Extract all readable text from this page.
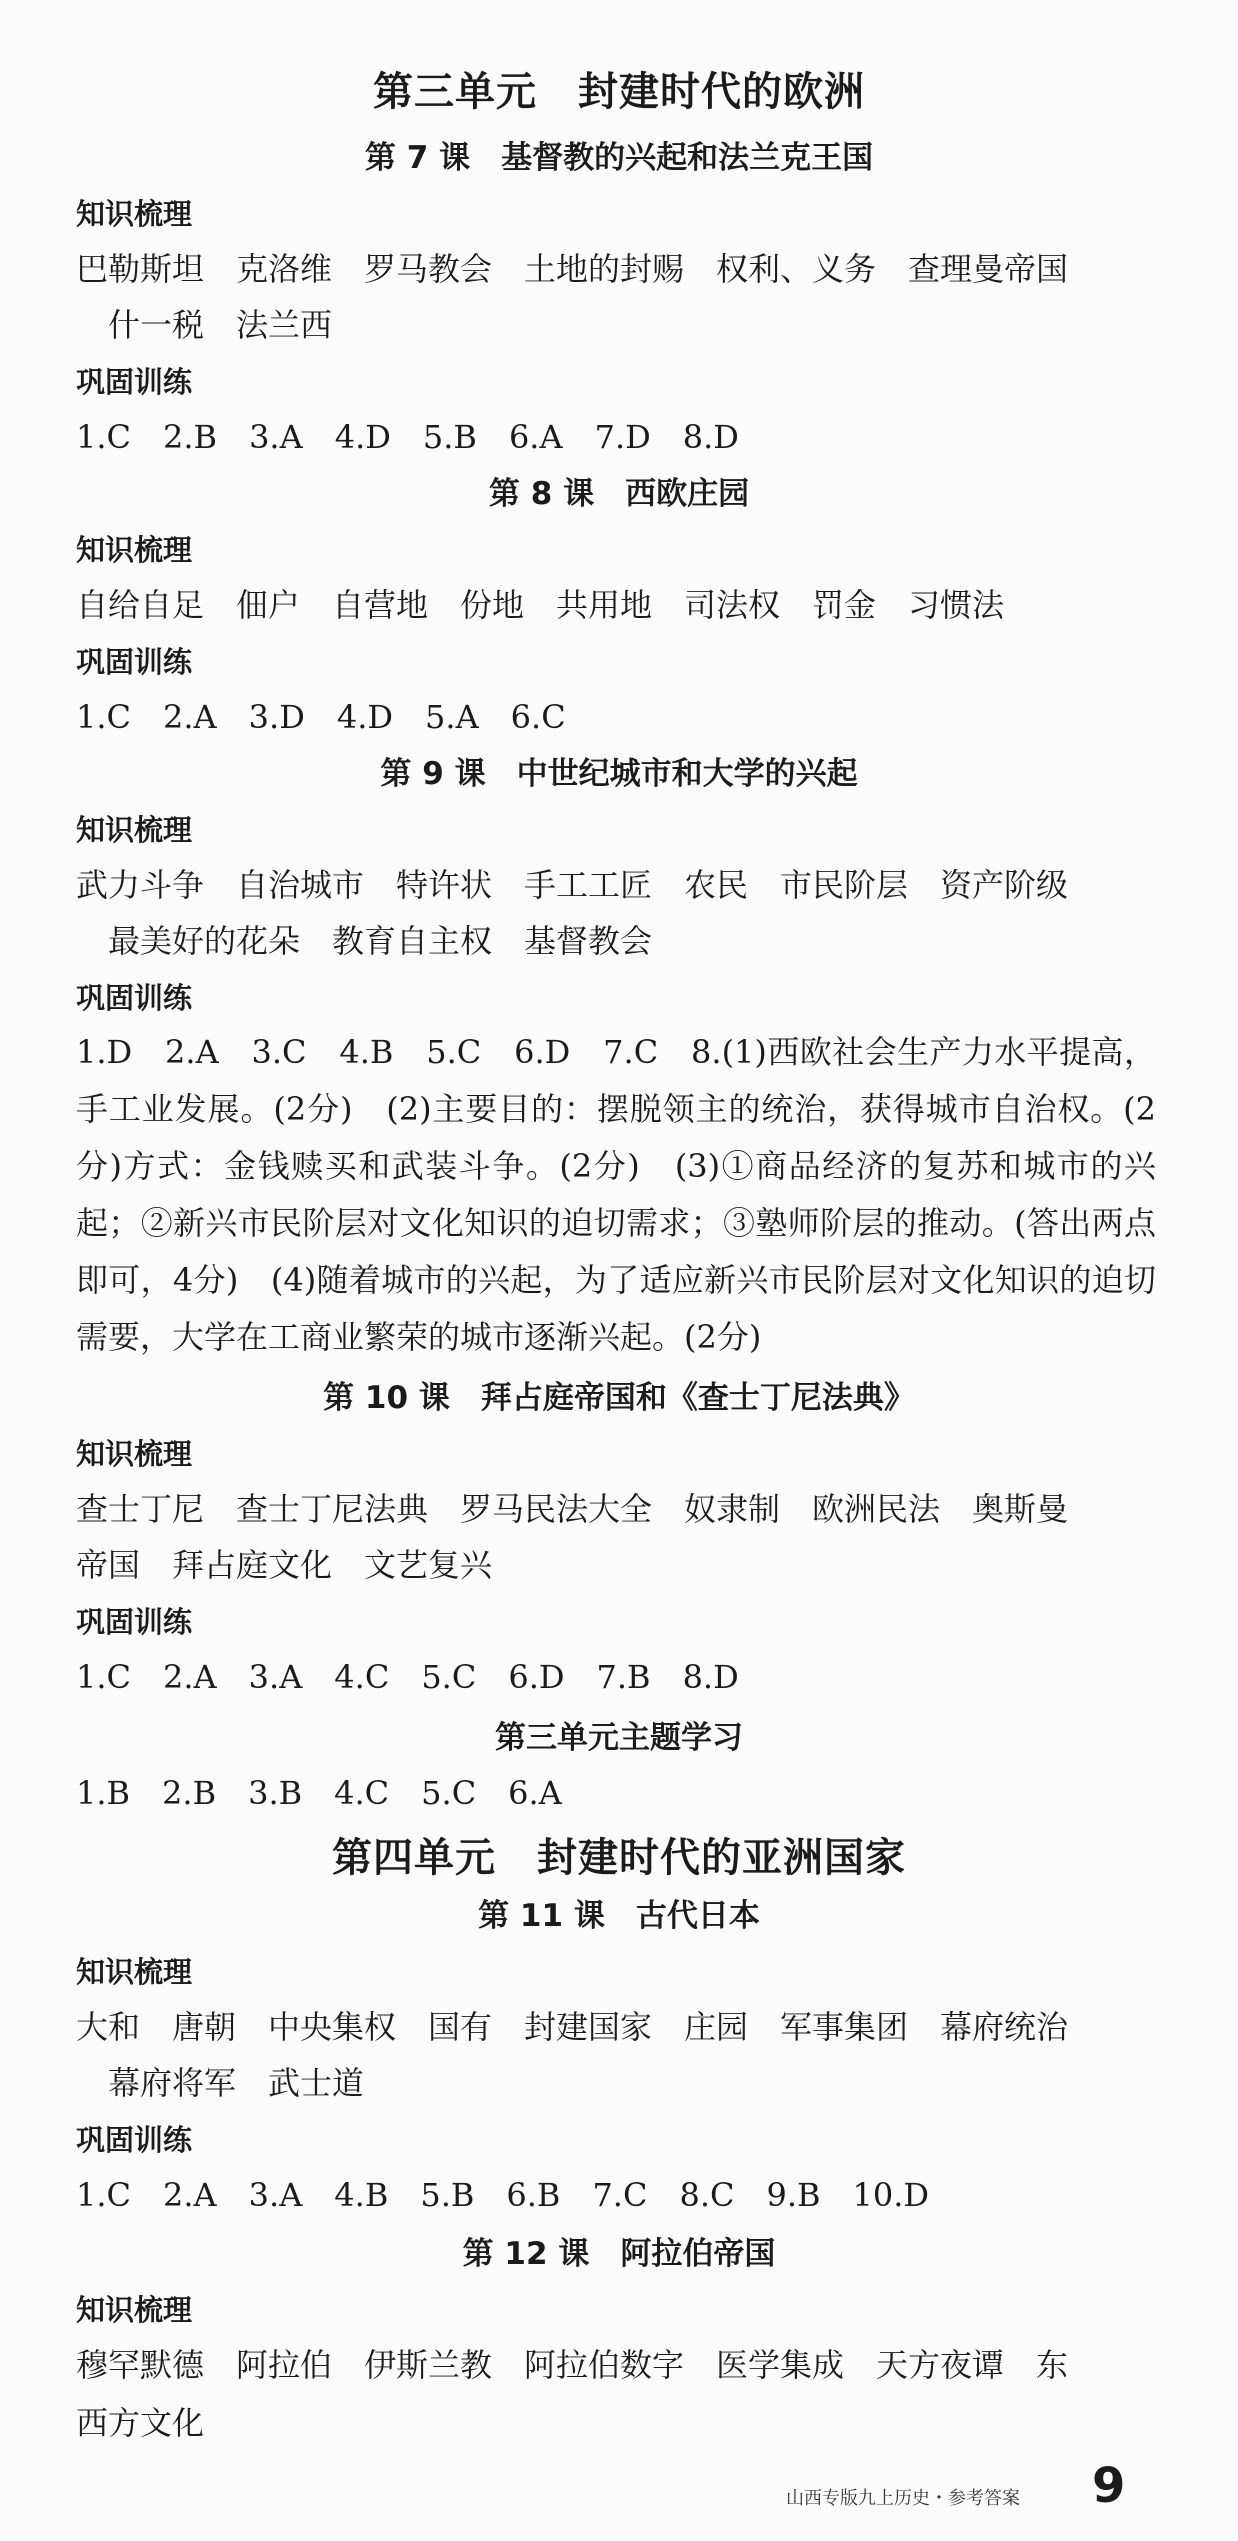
第三单元　封建时代的欧洲
第 7 课　基督教的兴起和法兰克王国
知识梳理
巴勒斯坦　克洛维　罗马教会　土地的封赐　权利、义务　查理曼帝国
什一税　法兰西
巩固训练
1.C　2.B　3.A　4.D　5.B　6.A　7.D　8.D
第 8 课　西欧庄园
知识梳理
自给自足　佃户　自营地　份地　共用地　司法权　罚金　习惯法
巩固训练
1.C　2.A　3.D　4.D　5.A　6.C
第 9 课　中世纪城市和大学的兴起
知识梳理
武力斗争　自治城市　特许状　手工工匠　农民　市民阶层　资产阶级
最美好的花朵　教育自主权　基督教会
巩固训练
1.D　2.A　3.C　4.B　5.C　6.D　7.C　8.(1)西欧社会生产力水平提高，手工业发展。(2分)　(2)主要目的：摆脱领主的统治，获得城市自治权。(2分)方式：金钱赎买和武装斗争。(2分)　(3)①商品经济的复苏和城市的兴起；②新兴市民阶层对文化知识的迫切需求；③塾师阶层的推动。(答出两点即可，4分)　(4)随着城市的兴起，为了适应新兴市民阶层对文化知识的迫切需要，大学在工商业繁荣的城市逐渐兴起。(2分)
第 10 课　拜占庭帝国和《查士丁尼法典》
知识梳理
查士丁尼　查士丁尼法典　罗马民法大全　奴隶制　欧洲民法　奥斯曼
帝国　拜占庭文化　文艺复兴
巩固训练
1.C　2.A　3.A　4.C　5.C　6.D　7.B　8.D
第三单元主题学习
1.B　2.B　3.B　4.C　5.C　6.A
第四单元　封建时代的亚洲国家
第 11 课　古代日本
知识梳理
大和　唐朝　中央集权　国有　封建国家　庄园　军事集团　幕府统治
幕府将军　武士道
巩固训练
1.C　2.A　3.A　4.B　5.B　6.B　7.C　8.C　9.B　10.D
第 12 课　阿拉伯帝国
知识梳理
穆罕默德　阿拉伯　伊斯兰教　阿拉伯数字　医学集成　天方夜谭　东
西方文化
山西专版九上历史・参考答案 9
